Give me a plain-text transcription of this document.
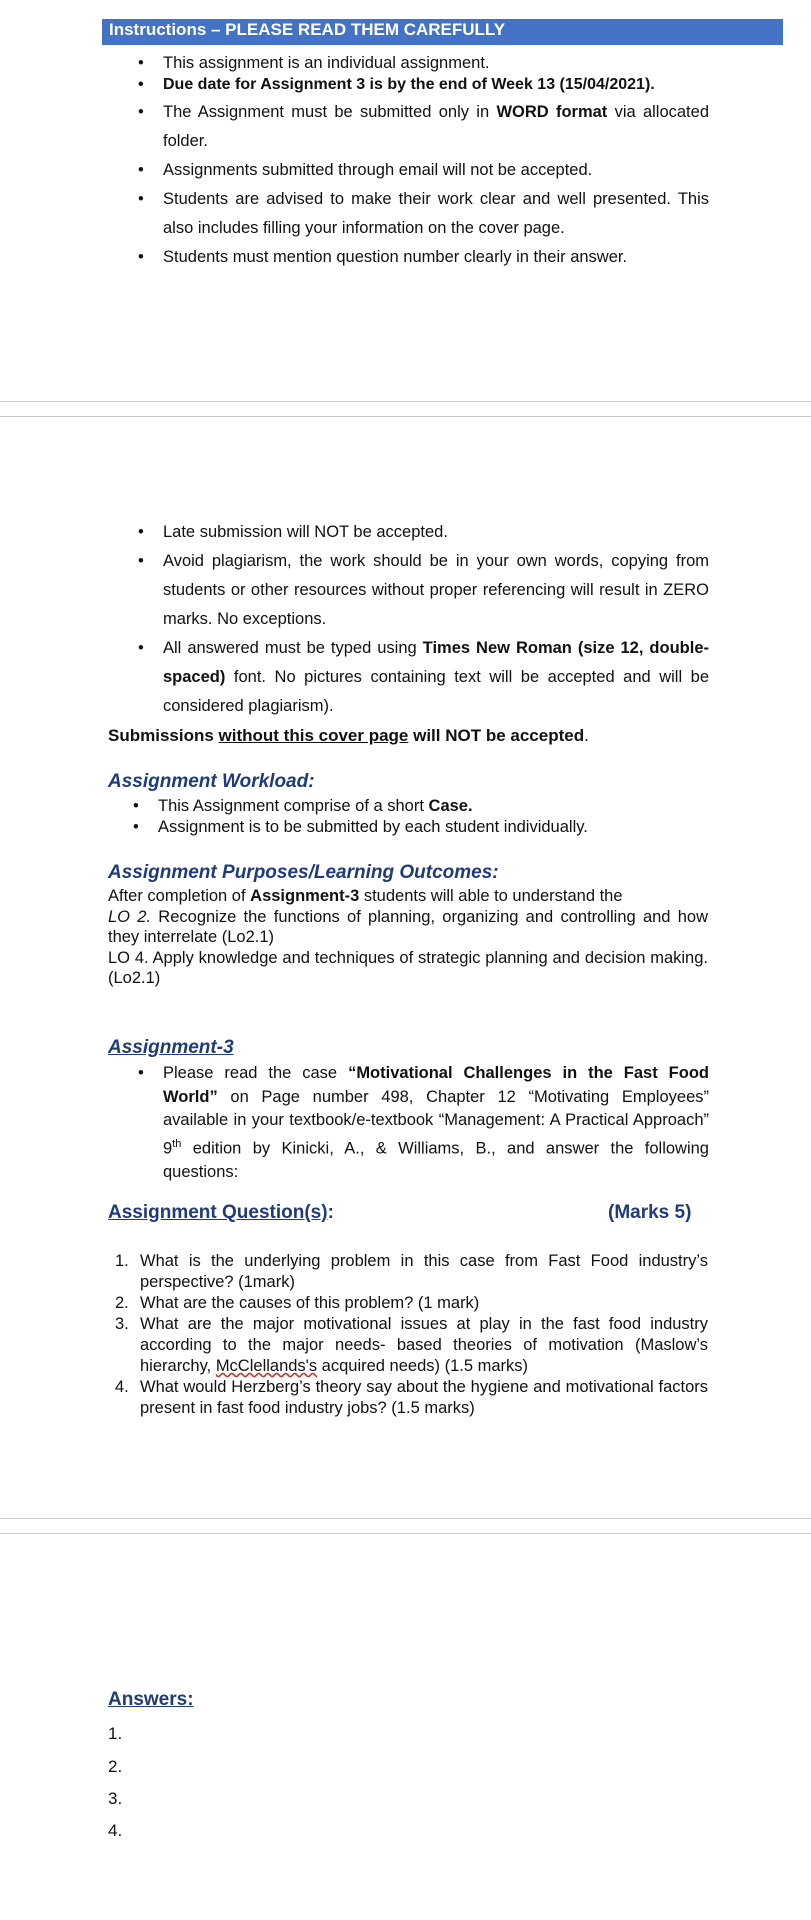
Instructions – PLEASE READ THEM CAREFULLY
• This assignment is an individual assignment.
• Due date for Assignment 3 is by the end of Week 13 (15/04/2021).
• The Assignment must be submitted only in WORD format via allocated folder.
• Assignments submitted through email will not be accepted.
• Students are advised to make their work clear and well presented. This also includes filling your information on the cover page.
• Students must mention question number clearly in their answer.
• Late submission will NOT be accepted.
• Avoid plagiarism, the work should be in your own words, copying from students or other resources without proper referencing will result in ZERO marks. No exceptions.
• All answered must be typed using Times New Roman (size 12, double-spaced) font. No pictures containing text will be accepted and will be considered plagiarism).
Submissions without this cover page will NOT be accepted.
Assignment Workload:
• This Assignment comprise of a short Case.
• Assignment is to be submitted by each student individually.
Assignment Purposes/Learning Outcomes:
After completion of Assignment-3 students will able to understand the
LO 2. Recognize the functions of planning, organizing and controlling and how they interrelate (Lo2.1)
LO 4. Apply knowledge and techniques of strategic planning and decision making. (Lo2.1)
Assignment-3
• Please read the case “Motivational Challenges in the Fast Food World” on Page number 498, Chapter 12 “Motivating Employees” available in your textbook/e-textbook “Management: A Practical Approach” 9th edition by Kinicki, A., & Williams, B., and answer the following questions:
Assignment Question(s):	(Marks 5)
1. What is the underlying problem in this case from Fast Food industry’s perspective? (1mark)
2. What are the causes of this problem? (1 mark)
3. What are the major motivational issues at play in the fast food industry according to the major needs- based theories of motivation (Maslow’s hierarchy, McClellands's acquired needs) (1.5 marks)
4. What would Herzberg’s theory say about the hygiene and motivational factors present in fast food industry jobs? (1.5 marks)
Answers:
1.
2.
3.
4.
